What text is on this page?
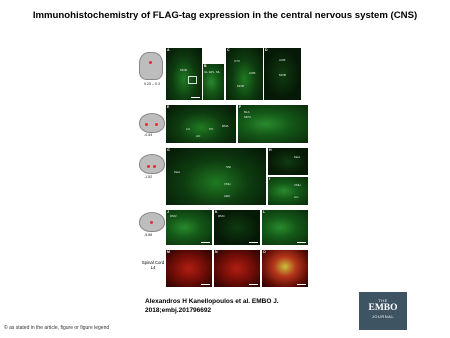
Immunohistochemistry of FLAG-tag expression in the central nervous system (CNS)
0.25 – 0.3
A
MOB
B
GL EPL ML
C
CTX
AOB
MOB
D
AOB
MOB
-0.54
E
LO
AO
PO
BMA
F
BLA
MPO
-1.52
G
MeA
VMH
SNI
ARC
H
MeA
I
VMH
Arc
-5.88
J
DNR
K
RMC
L
Spinal Cord L4
M	N	O
Alexandros H Kanellopoulos et al. EMBO J.
2018;embj.201796692
THE
EMBO
JOURNAL
© as stated in the article, figure or figure legend
